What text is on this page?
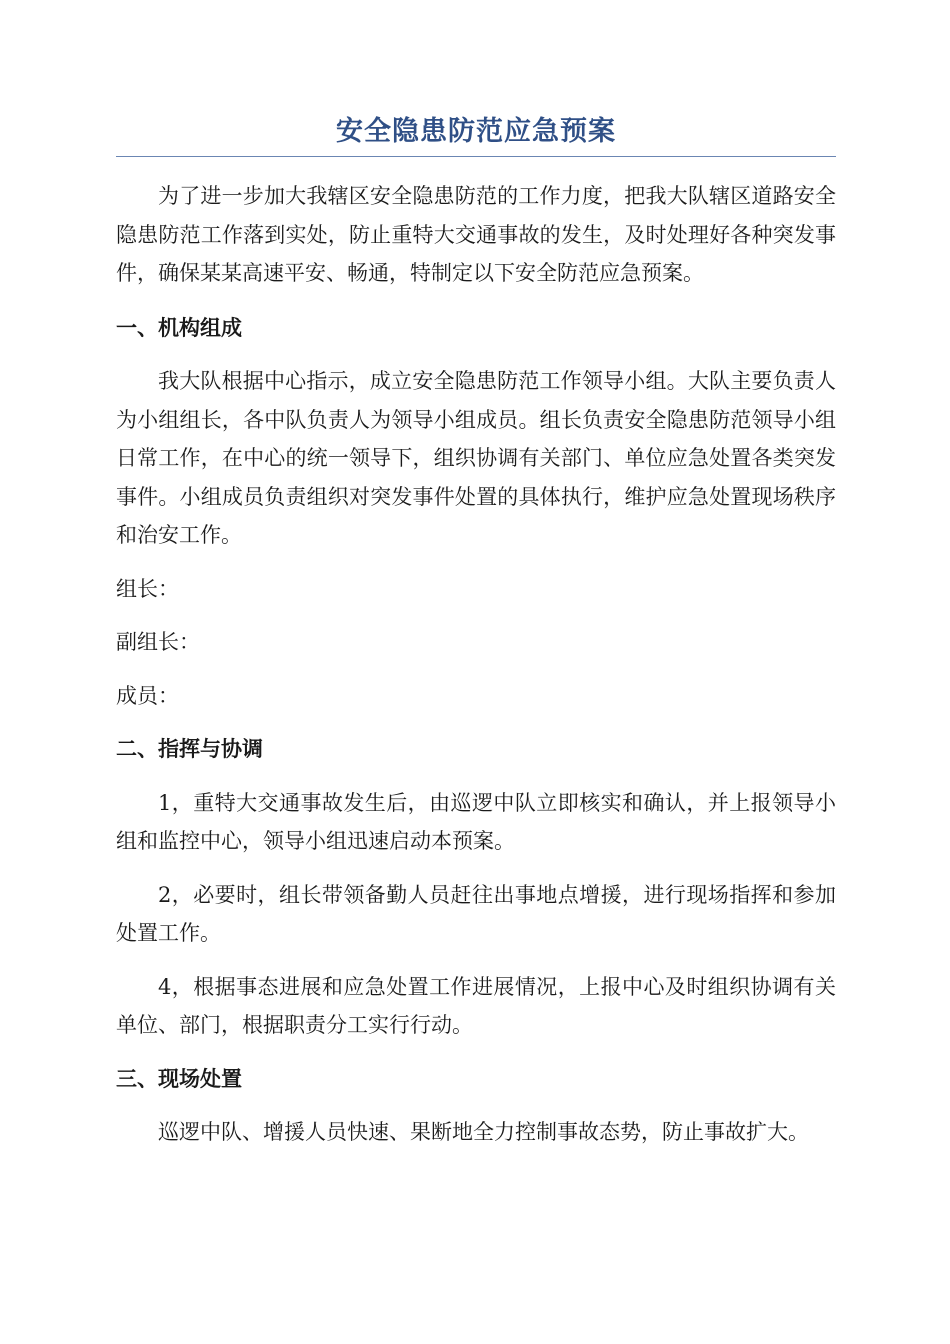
安全隐患防范应急预案

为了进一步加大我辖区安全隐患防范的工作力度，把我大队辖区道路安全隐患防范工作落到实处，防止重特大交通事故的发生，及时处理好各种突发事件，确保某某高速平安、畅通，特制定以下安全防范应急预案。

一、机构组成

我大队根据中心指示，成立安全隐患防范工作领导小组。大队主要负责人为小组组长，各中队负责人为领导小组成员。组长负责安全隐患防范领导小组日常工作，在中心的统一领导下，组织协调有关部门、单位应急处置各类突发事件。小组成员负责组织对突发事件处置的具体执行，维护应急处置现场秩序和治安工作。

组长：

副组长：

成员：

二、指挥与协调

1，重特大交通事故发生后，由巡逻中队立即核实和确认，并上报领导小组和监控中心，领导小组迅速启动本预案。

2，必要时，组长带领备勤人员赶往出事地点增援，进行现场指挥和参加处置工作。

4，根据事态进展和应急处置工作进展情况，上报中心及时组织协调有关单位、部门，根据职责分工实行行动。

三、现场处置

巡逻中队、增援人员快速、果断地全力控制事故态势，防止事故扩大。
